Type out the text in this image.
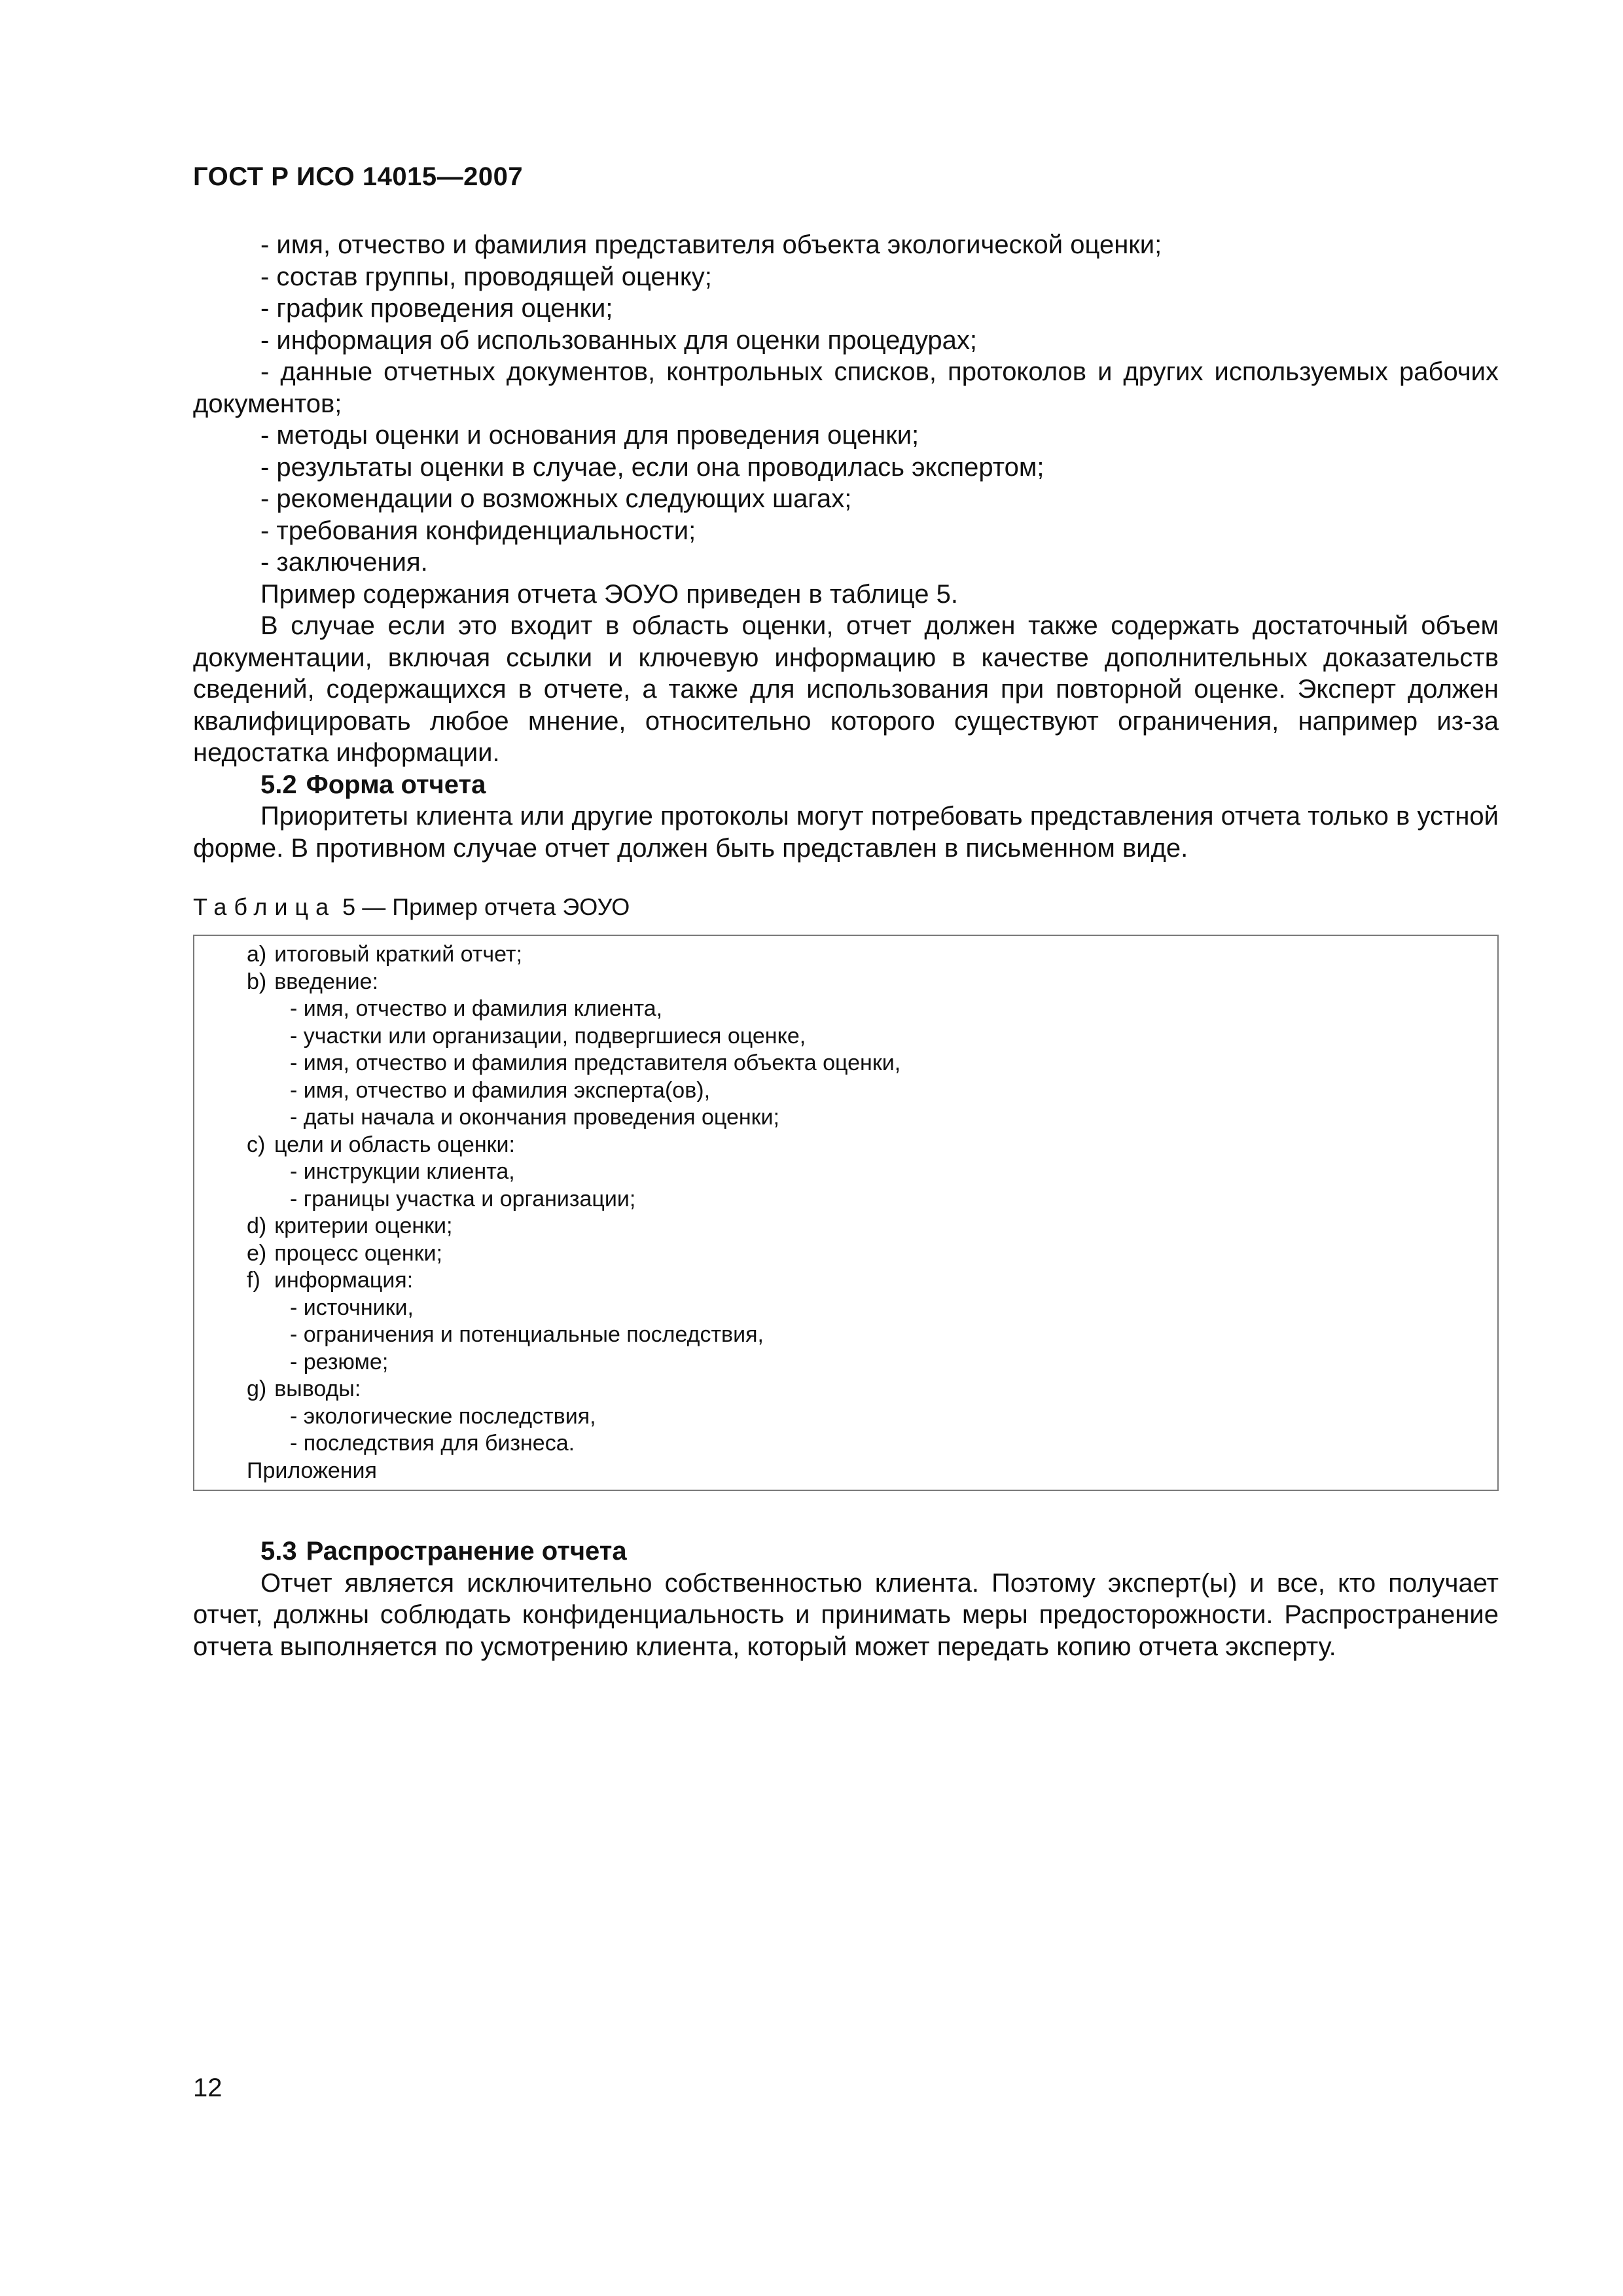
ГОСТ Р ИСО 14015—2007

- имя, отчество и фамилия представителя объекта экологической оценки;

- состав группы, проводящей оценку;

- график проведения оценки;

- информация об использованных для оценки процедурах;

- данные отчетных документов, контрольных списков, протоколов и других используемых рабочих документов;

- методы оценки и основания для проведения оценки;

- результаты оценки в случае, если она проводилась экспертом;

- рекомендации о возможных следующих шагах;

- требования конфиденциальности;

- заключения.

Пример содержания отчета ЭОУО приведен в таблице 5.

В случае если это входит в область оценки, отчет должен также содержать достаточный объем документации, включая ссылки и ключевую информацию в качестве дополнительных доказательств сведений, содержащихся в отчете, а также для использования при повторной оценке. Эксперт должен квалифицировать любое мнение, относительно которого существуют ограничения, например из-за недостатка информации.

5.2 Форма отчета

Приоритеты клиента или другие протоколы могут потребовать представления отчета только в устной форме. В противном случае отчет должен быть представлен в письменном виде.

Таблица 5 — Пример отчета ЭОУО

a) итоговый краткий отчет;
b) введение:
- имя, отчество и фамилия клиента,
- участки или организации, подвергшиеся оценке,
- имя, отчество и фамилия представителя объекта оценки,
- имя, отчество и фамилия эксперта(ов),
- даты начала и окончания проведения оценки;
c) цели и область оценки:
- инструкции клиента,
- границы участка и организации;
d) критерии оценки;
e) процесс оценки;
f) информация:
- источники,
- ограничения и потенциальные последствия,
- резюме;
g) выводы:
- экологические последствия,
- последствия для бизнеса.
Приложения

5.3 Распространение отчета

Отчет является исключительно собственностью клиента. Поэтому эксперт(ы) и все, кто получает отчет, должны соблюдать конфиденциальность и принимать меры предосторожности. Распространение отчета выполняется по усмотрению клиента, который может передать копию отчета эксперту.

12
